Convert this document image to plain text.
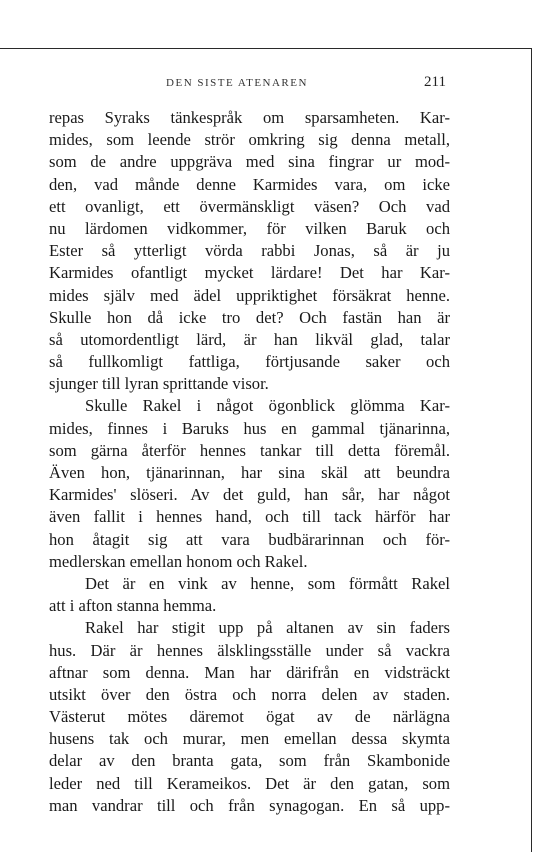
DEN SISTE ATENAREN	211
repas Syraks tänkespråk om sparsamheten. Kar-
mides, som leende strör omkring sig denna metall,
som de andre uppgräva med sina fingrar ur mod-
den, vad månde denne Karmides vara, om icke
ett ovanligt, ett övermänskligt väsen? Och vad
nu lärdomen vidkommer, för vilken Baruk och
Ester så ytterligt vörda rabbi Jonas, så är ju
Karmides ofantligt mycket lärdare! Det har Kar-
mides själv med ädel uppriktighet försäkrat henne.
Skulle hon då icke tro det? Och fastän han är
så utomordentligt lärd, är han likväl glad, talar
så fullkomligt fattliga, förtjusande saker och
sjunger till lyran sprittande visor.
Skulle Rakel i något ögonblick glömma Kar-
mides, finnes i Baruks hus en gammal tjänarinna,
som gärna återför hennes tankar till detta föremål.
Även hon, tjänarinnan, har sina skäl att beundra
Karmides' slöseri. Av det guld, han sår, har något
även fallit i hennes hand, och till tack härför har
hon åtagit sig att vara budbärarinnan och för-
medlerskan emellan honom och Rakel.
Det är en vink av henne, som förmått Rakel
att i afton stanna hemma.
Rakel har stigit upp på altanen av sin faders
hus. Där är hennes älsklingsställe under så vackra
aftnar som denna. Man har därifrån en vidsträckt
utsikt över den östra och norra delen av staden.
Västerut mötes däremot ögat av de närlägna
husens tak och murar, men emellan dessa skymta
delar av den branta gata, som från Skambonide
leder ned till Kerameikos. Det är den gatan, som
man vandrar till och från synagogan. En så upp-
